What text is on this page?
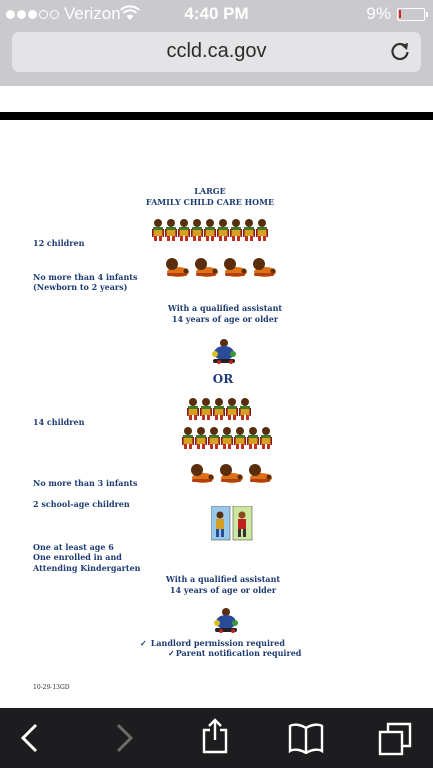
Verizon	4:40 PM	9%
ccld.ca.gov
LARGE
FAMILY CHILD CARE HOME
12 children
No more than 4 infants
(Newborn to 2 years)
With a qualified assistant
14 years of age or older
OR
14 children
No more than 3 infants
2 school-age children
One at least age 6
One enrolled in and
Attending Kindergarten
With a qualified assistant
14 years of age or older
✓ Landlord permission required
✓Parent notification required
10-29-13GD
